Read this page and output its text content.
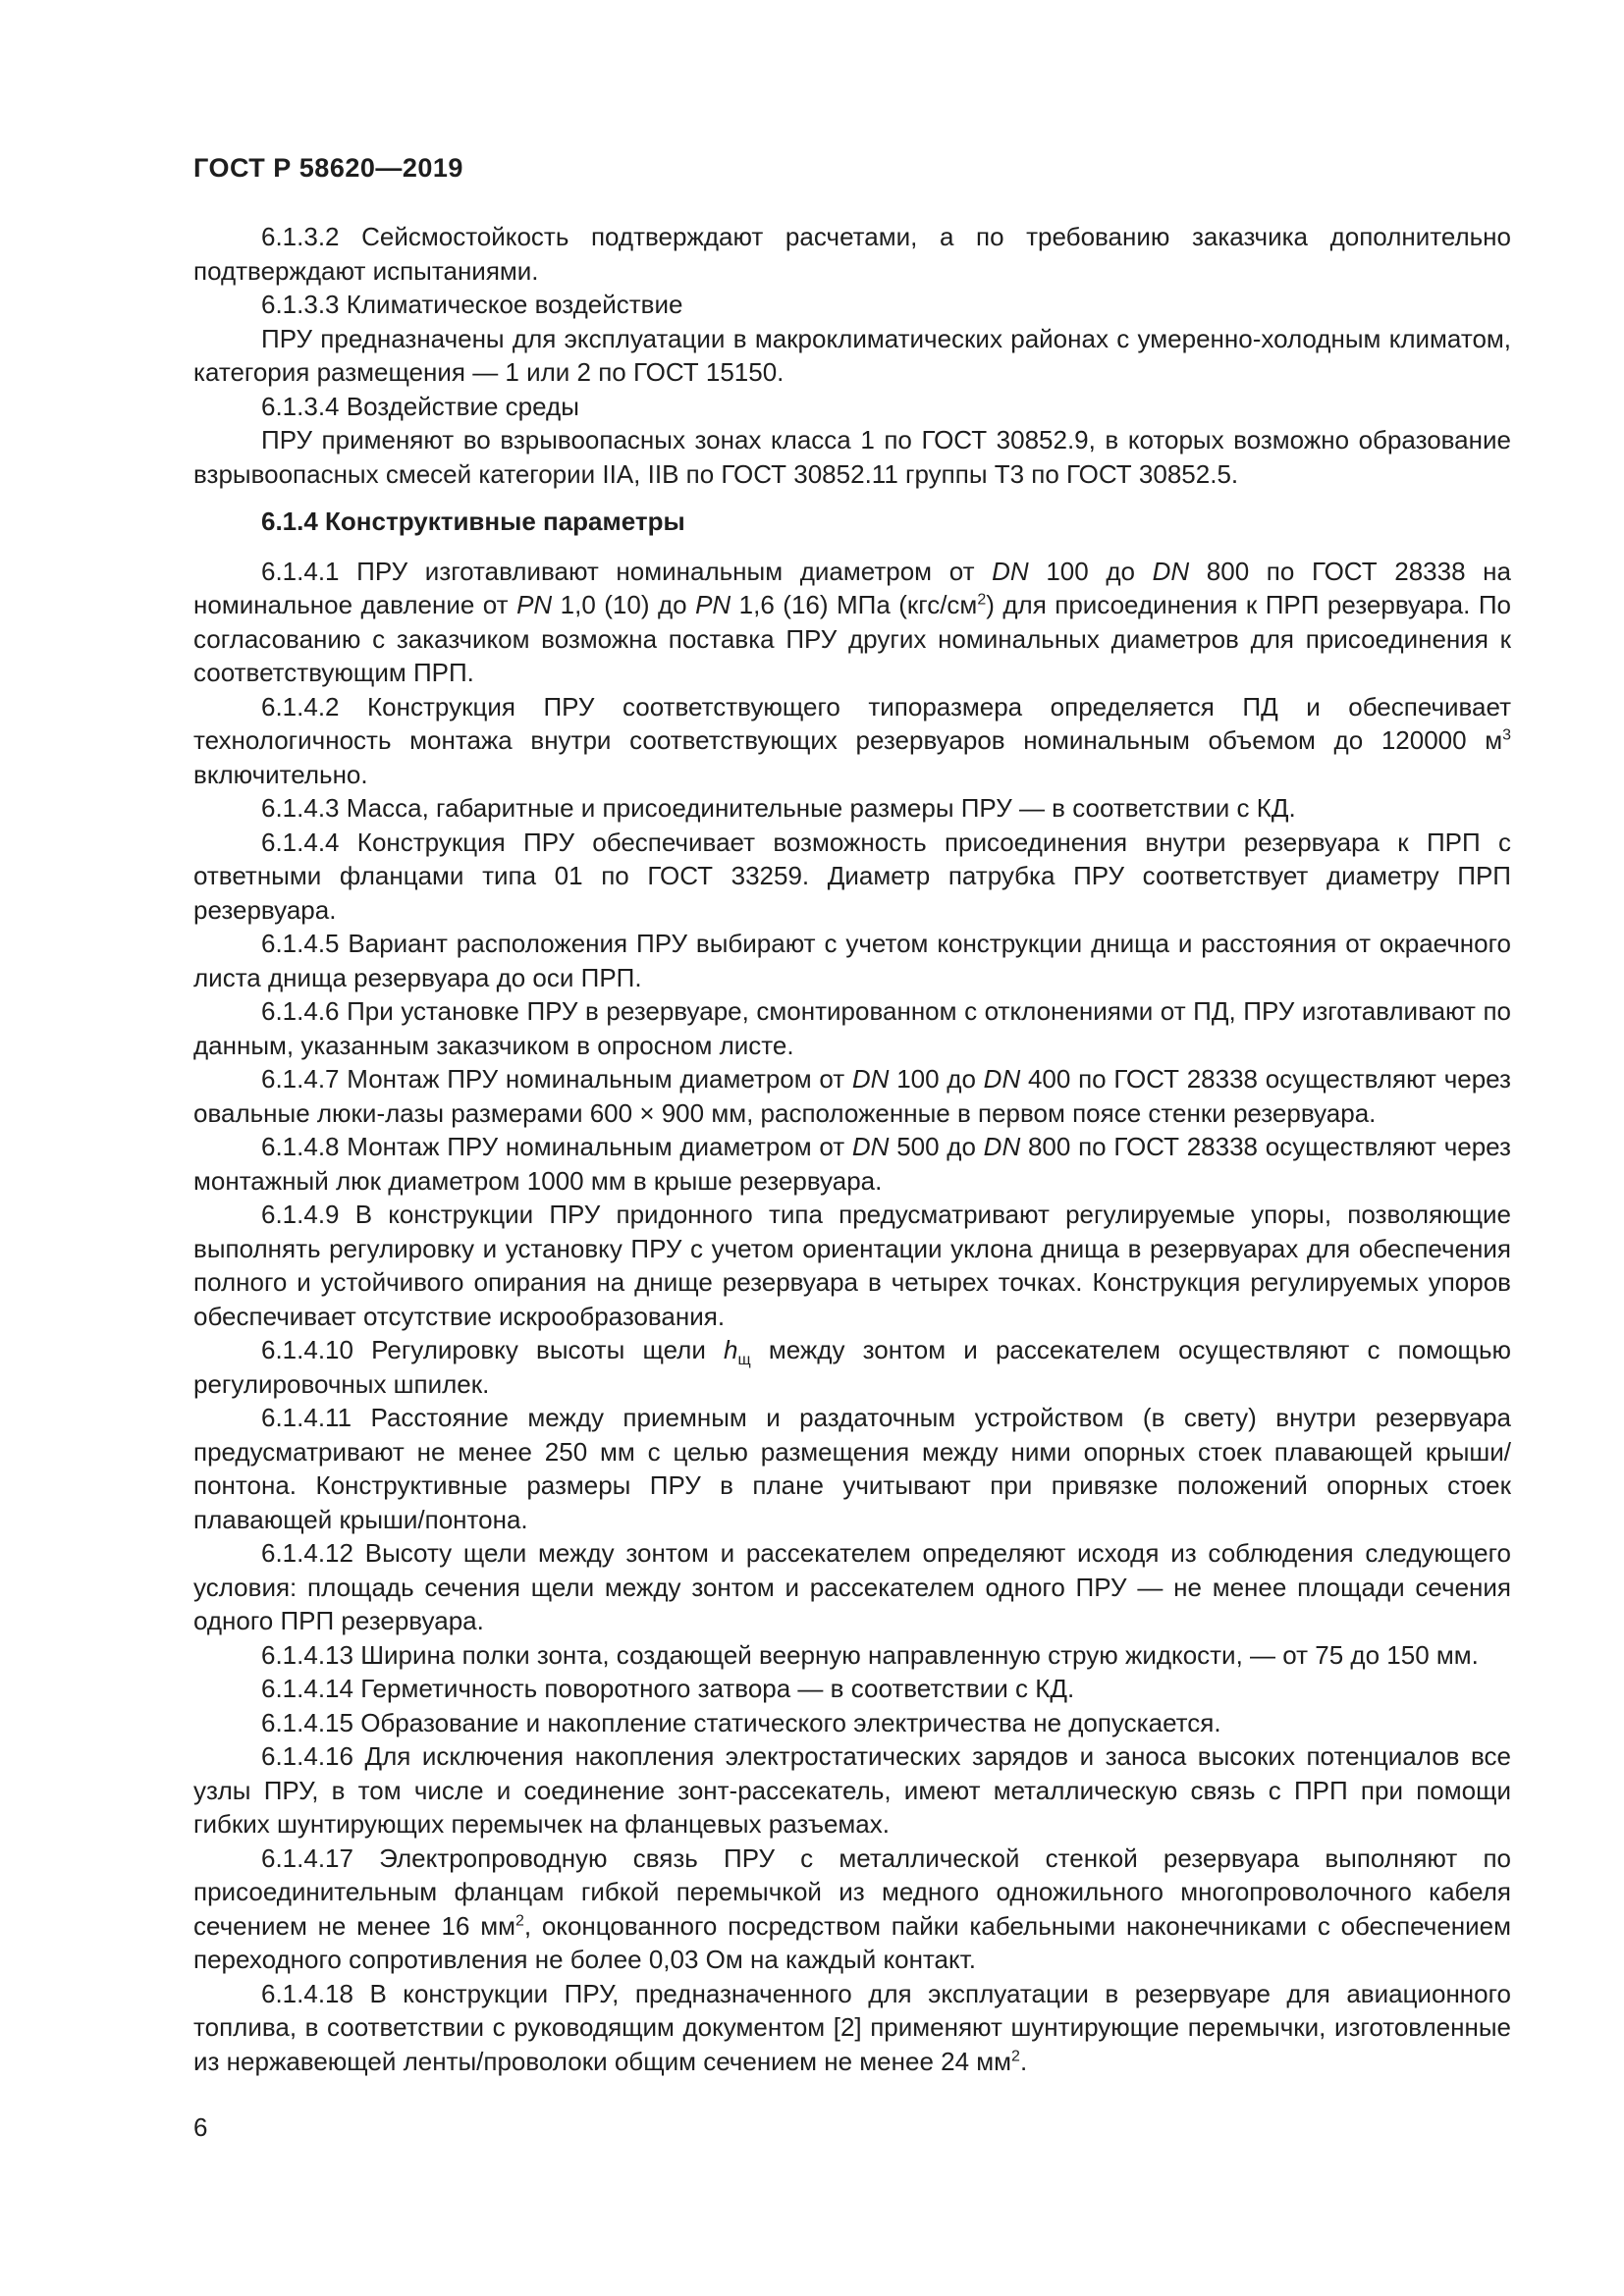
ГОСТ Р 58620—2019

6.1.3.2 Сейсмостойкость подтверждают расчетами, а по требованию заказчика дополнительно подтверждают испытаниями.

6.1.3.3 Климатическое воздействие

ПРУ предназначены для эксплуатации в макроклиматических районах с умеренно-холодным климатом, категория размещения — 1 или 2 по ГОСТ 15150.

6.1.3.4 Воздействие среды

ПРУ применяют во взрывоопасных зонах класса 1 по ГОСТ 30852.9, в которых возможно образование взрывоопасных смесей категории IIA, IIB по ГОСТ 30852.11 группы Т3 по ГОСТ 30852.5.

6.1.4 Конструктивные параметры

6.1.4.1 ПРУ изготавливают номинальным диаметром от DN 100 до DN 800 по ГОСТ 28338 на номинальное давление от PN 1,0 (10) до PN 1,6 (16) МПа $(кгс/см^2)$ для присоединения к ПРП резервуара. По согласованию с заказчиком возможна поставка ПРУ других номинальных диаметров для присоединения к соответствующим ПРП.

6.1.4.2 Конструкция ПРУ соответствующего типоразмера определяется ПД и обеспечивает технологичность монтажа внутри соответствующих резервуаров номинальным объемом до 120000 $м^3$ включительно.

6.1.4.3 Масса, габаритные и присоединительные размеры ПРУ — в соответствии с КД.

6.1.4.4 Конструкция ПРУ обеспечивает возможность присоединения внутри резервуара к ПРП с ответными фланцами типа 01 по ГОСТ 33259. Диаметр патрубка ПРУ соответствует диаметру ПРП резервуара.

6.1.4.5 Вариант расположения ПРУ выбирают с учетом конструкции днища и расстояния от окраечного листа днища резервуара до оси ПРП.

6.1.4.6 При установке ПРУ в резервуаре, смонтированном с отклонениями от ПД, ПРУ изготавливают по данным, указанным заказчиком в опросном листе.

6.1.4.7 Монтаж ПРУ номинальным диаметром от DN 100 до DN 400 по ГОСТ 28338 осуществляют через овальные люки-лазы размерами 600 × 900 мм, расположенные в первом поясе стенки резервуара.

6.1.4.8 Монтаж ПРУ номинальным диаметром от DN 500 до DN 800 по ГОСТ 28338 осуществляют через монтажный люк диаметром 1000 мм в крыше резервуара.

6.1.4.9 В конструкции ПРУ придонного типа предусматривают регулируемые упоры, позволяющие выполнять регулировку и установку ПРУ с учетом ориентации уклона днища в резервуарах для обеспечения полного и устойчивого опирания на днище резервуара в четырех точках. Конструкция регулируемых упоров обеспечивает отсутствие искрообразования.

6.1.4.10 Регулировку высоты щели $h_щ$ между зонтом и рассекателем осуществляют с помощью регулировочных шпилек.

6.1.4.11 Расстояние между приемным и раздаточным устройством (в свету) внутри резервуара предусматривают не менее 250 мм с целью размещения между ними опорных стоек плавающей крыши/понтона. Конструктивные размеры ПРУ в плане учитывают при привязке положений опорных стоек плавающей крыши/понтона.

6.1.4.12 Высоту щели между зонтом и рассекателем определяют исходя из соблюдения следующего условия: площадь сечения щели между зонтом и рассекателем одного ПРУ — не менее площади сечения одного ПРП резервуара.

6.1.4.13 Ширина полки зонта, создающей веерную направленную струю жидкости, — от 75 до 150 мм.

6.1.4.14 Герметичность поворотного затвора — в соответствии с КД.

6.1.4.15 Образование и накопление статического электричества не допускается.

6.1.4.16 Для исключения накопления электростатических зарядов и заноса высоких потенциалов все узлы ПРУ, в том числе и соединение зонт-рассекатель, имеют металлическую связь с ПРП при помощи гибких шунтирующих перемычек на фланцевых разъемах.

6.1.4.17 Электропроводную связь ПРУ с металлической стенкой резервуара выполняют по присоединительным фланцам гибкой перемычкой из медного одножильного многопроволочного кабеля сечением не менее 16 $мм^2$, оконцованного посредством пайки кабельными наконечниками с обеспечением переходного сопротивления не более 0,03 Ом на каждый контакт.

6.1.4.18 В конструкции ПРУ, предназначенного для эксплуатации в резервуаре для авиационного топлива, в соответствии с руководящим документом [2] применяют шунтирующие перемычки, изготовленные из нержавеющей ленты/проволоки общим сечением не менее 24 $мм^2$.

6
